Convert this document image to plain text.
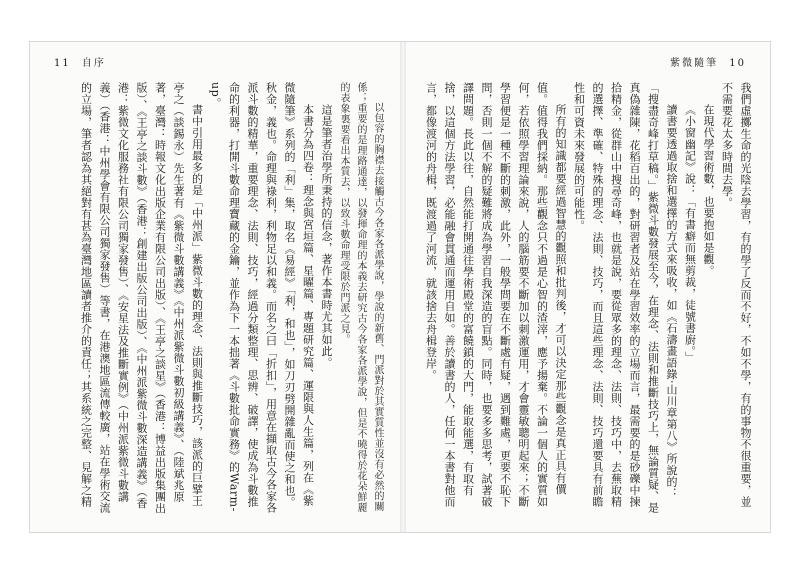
11 自序

以包容的胸襟去接觸古今各家各派學說，學說的新舊、門派對於其實質性並沒有必然的關係；重要的是理路通達，以發揮命理的本義去研究古今各家各派學說，但是不曉得於花朵鮮麗的表象裏要看出本質去，以致斗數命理受限於門派之見。

這是筆者治學所秉持的信念，著作本書時尤其如此。

本書分為四卷：理念與宮垣篇、星曜篇、專題研究篇、運限與人生篇，列在《紫微隨筆》系列的「利」集，取名《易經》「利，和也」，如刀刃劈開雜亂而使之和也。秋金，義也。命理與祿利，利物足以和義。而名之曰「折扣」，用意在擷取古今各家各派斗數的精華，重要理念、法則、技巧，經過分類整理、思辨、破譯，使成為斗數推命的利器，打開斗數命理寶藏的金鑰，並作為下一本拙著《斗數批命實務》的Warm-up。

書中引用最多的是「中州派」紫微斗數的理念、法則與推斷技巧，該派的巨擘王亭之（談錫永）先生著有《紫微斗數講義》《中州派紫微斗數初級講義》、（陸斌兆原著，臺灣：時報文化出版企業有限公司出版）、《王亭之談星》（香港：博益出版集團出版）、《王亭之談斗數》（香港：創建出版公司出版）、《中州派紫微斗數深造講義》（香港：紫微文化服務社有限公司獨家發售）、《安星法及推斷實例》（中州派紫微斗數講義）（香港：中州學會有限公司獨家發售）等書，在港澳地區流傳較廣，站在學術交流的立場，筆者認為其絕對有甚為臺灣地區讀者推介的責任；其系統之完整、見解之精

紫微隨筆 10

我們虛擲生命的光陰去學習，有的學了反而不好，不如不學，有的事物不很重要，並不需要花太多時間去學。

在現代學習術數，也要抱如是觀。

《小窗幽記》說：「有書癖而無剪裁，徒號書廚。」

讀書要透過取捨和選擇的方式來吸收，如《石濤畫語錄‧山川章第八》所說的：「搜盡奇峰打草稿。」紫微斗數發展至今，在理念、法則和推斷技巧上，無論質疑、是真偽雜陳，花稻百出的，對研習者及站在學習效率的立場而言，最需要的是砂礫中揀拾精金，從群山中搜尋奇峰，也就是說，要從眾多的理念、法則、技巧中，去蕪取精的選擇、準確、特殊的理念、法則、技巧，而且這些理念、法則、技巧還要具有前瞻性和可資未來發展的可能性。

所有的知識都要經過智慧的觀照和批判後，才可以決定那些觀念是真正具有價值。值得我們採納。那些觀念只不過是心智的渣滓，應予揚棄。不論一個人的實質如何，若依照學習理論來說，人的腦筋要不斷加以刺激運用，才會靈敏聰明起來；不斷學習便是一種不斷的刺激，此外，一般學問要在不斷處有疑，遇到難處，更要不恥下問，否則一個不解的疑難將成為學習自我深造的盲點。同時，也要多多思考，試著破譯問題。長此以往，自然能打開通往學術殿堂的富饒鎖的大門，能取能選，有取有捨，以這個方法學習，必能融會貫通而運用自如。善於讀書的人，任何一本書對他而言，都像渡河的舟楫，既渡過了河流，就該捨去舟楫登岸。
